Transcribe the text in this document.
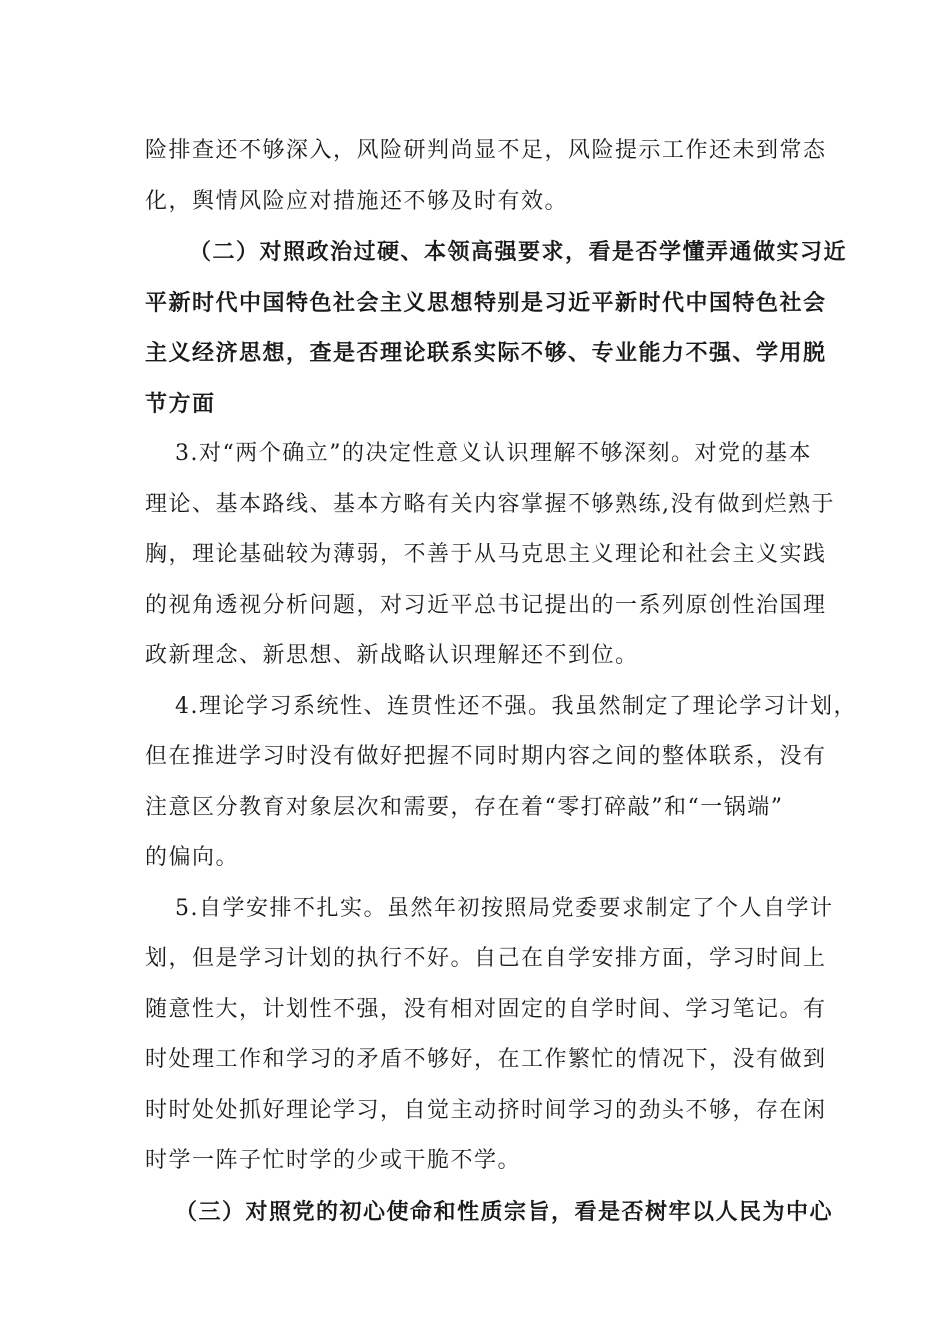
险排查还不够深入，风险研判尚显不足，风险提示工作还未到常态
化，舆情风险应对措施还不够及时有效。
（二）对照政治过硬、本领高强要求，看是否学懂弄通做实习近
平新时代中国特色社会主义思想特别是习近平新时代中国特色社会
主义经济思想，查是否理论联系实际不够、专业能力不强、学用脱
节方面
3.对“两个确立”的决定性意义认识理解不够深刻。对党的基本
理论、基本路线、基本方略有关内容掌握不够熟练,没有做到烂熟于
胸，理论基础较为薄弱，不善于从马克思主义理论和社会主义实践
的视角透视分析问题，对习近平总书记提出的一系列原创性治国理
政新理念、新思想、新战略认识理解还不到位。
4.理论学习系统性、连贯性还不强。我虽然制定了理论学习计划，
但在推进学习时没有做好把握不同时期内容之间的整体联系，没有
注意区分教育对象层次和需要，存在着“零打碎敲”和“一锅端”
的偏向。
5.自学安排不扎实。虽然年初按照局党委要求制定了个人自学计
划，但是学习计划的执行不好。自己在自学安排方面，学习时间上
随意性大，计划性不强，没有相对固定的自学时间、学习笔记。有
时处理工作和学习的矛盾不够好，在工作繁忙的情况下，没有做到
时时处处抓好理论学习，自觉主动挤时间学习的劲头不够，存在闲
时学一阵子忙时学的少或干脆不学。
（三）对照党的初心使命和性质宗旨，看是否树牢以人民为中心
